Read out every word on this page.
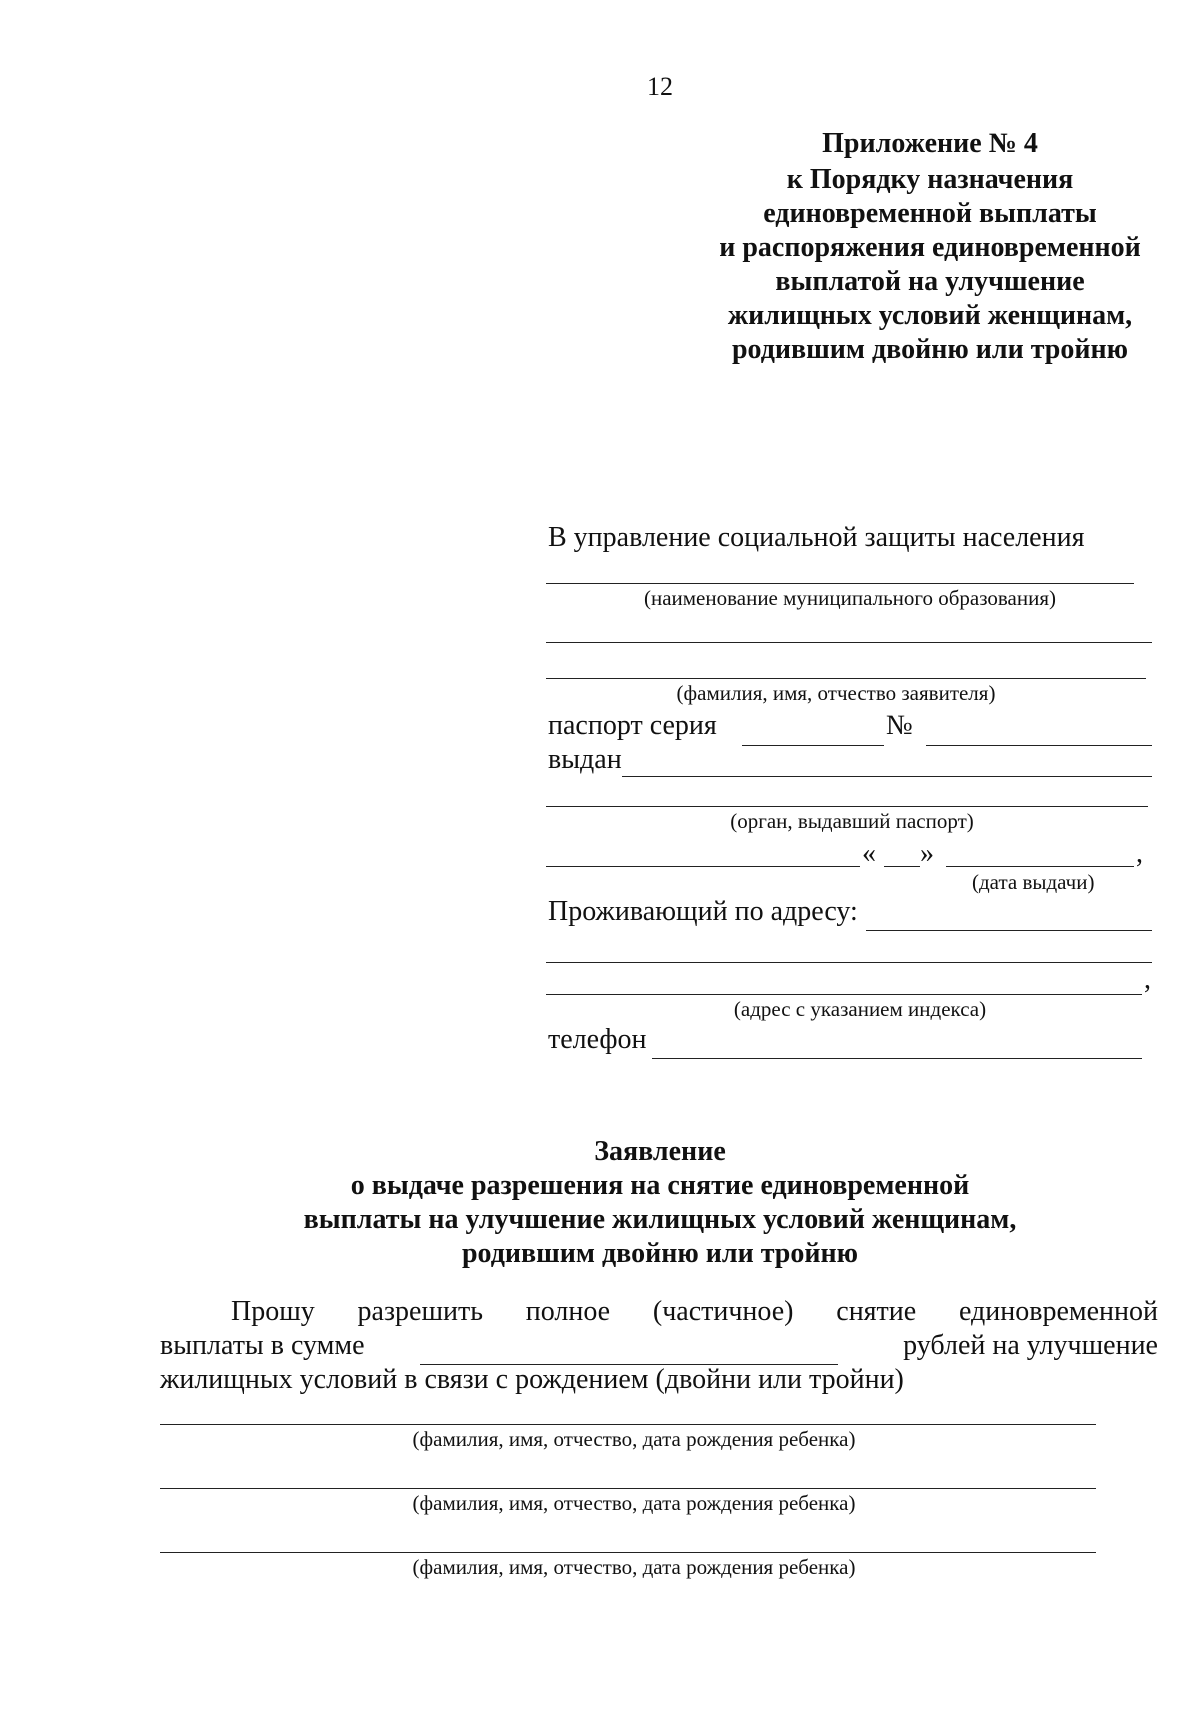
12
Приложение № 4
к Порядку назначения
единовременной выплаты
и распоряжения единовременной
выплатой на улучшение
жилищных условий женщинам,
родившим двойню или тройню
В управление социальной защиты населения
(наименование муниципального образования)
(фамилия, имя, отчество заявителя)
паспорт серия	№
выдан
(орган, выдавший паспорт)
« »	,
(дата выдачи)
Проживающий по адресу:
,
(адрес с указанием индекса)
телефон
Заявление
о выдаче разрешения на снятие единовременной
выплаты на улучшение жилищных условий женщинам,
родившим двойню или тройню
Прошу разрешить полное (частичное) снятие единовременной
выплаты в сумме	рублей на улучшение
жилищных условий в связи с рождением (двойни или тройни)
(фамилия, имя, отчество, дата рождения ребенка)
(фамилия, имя, отчество, дата рождения ребенка)
(фамилия, имя, отчество, дата рождения ребенка)
